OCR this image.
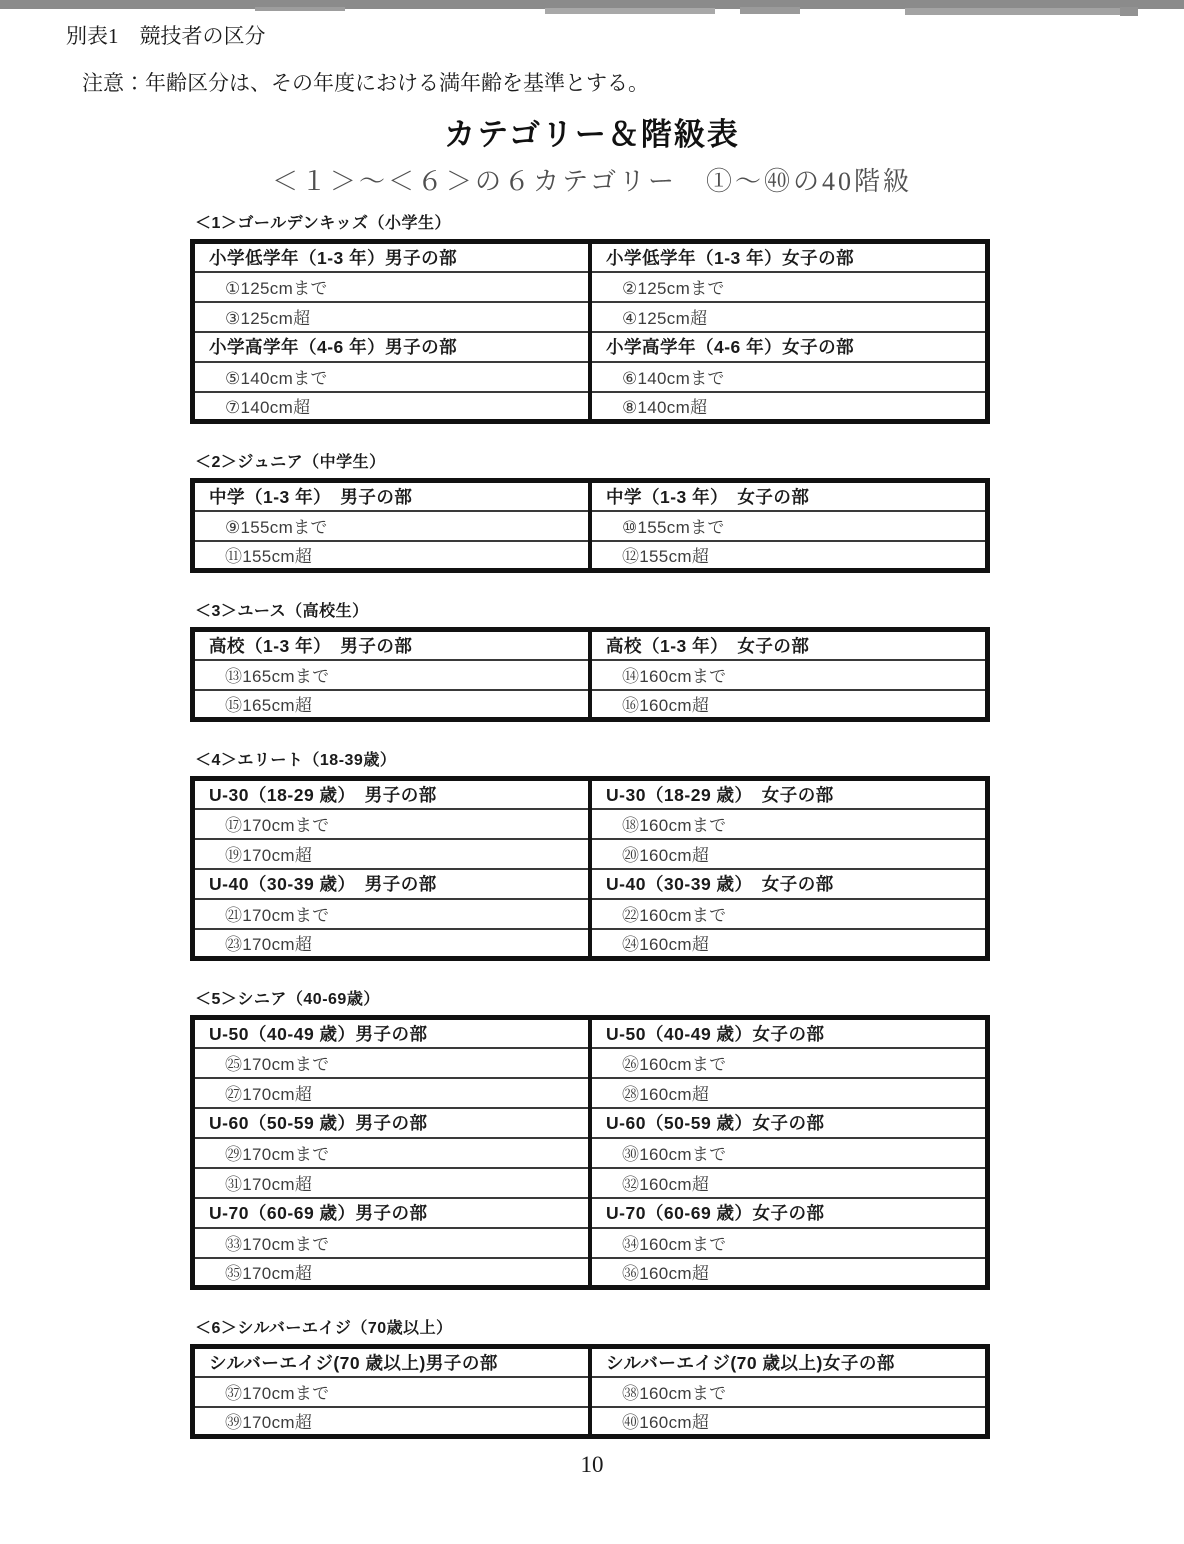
別表1　競技者の区分
注意：年齢区分は、その年度における満年齢を基準とする。
カテゴリー＆階級表
＜１＞～＜６＞の６カテゴリー　①～㊵の40階級
＜1＞ゴールデンキッズ（小学生）
小学低学年（1-3 年）男子の部	小学低学年（1-3 年）女子の部
①125cmまで	②125cmまで
③125cm超	④125cm超
小学高学年（4-6 年）男子の部	小学高学年（4-6 年）女子の部
⑤140cmまで	⑥140cmまで
⑦140cm超	⑧140cm超
＜2＞ジュニア（中学生）
中学（1-3 年）　男子の部	中学（1-3 年）　女子の部
⑨155cmまで	⑩155cmまで
⑪155cm超	⑫155cm超
＜3＞ユース（高校生）
高校（1-3 年）　男子の部	高校（1-3 年）　女子の部
⑬165cmまで	⑭160cmまで
⑮165cm超	⑯160cm超
＜4＞エリート（18-39歳）
U-30（18-29 歳）　男子の部	U-30（18-29 歳）　女子の部
⑰170cmまで	⑱160cmまで
⑲170cm超	⑳160cm超
U-40（30-39 歳）　男子の部	U-40（30-39 歳）　女子の部
㉑170cmまで	㉒160cmまで
㉓170cm超	㉔160cm超
＜5＞シニア（40-69歳）
U-50（40-49 歳）男子の部	U-50（40-49 歳）女子の部
㉕170cmまで	㉖160cmまで
㉗170cm超	㉘160cm超
U-60（50-59 歳）男子の部	U-60（50-59 歳）女子の部
㉙170cmまで	㉚160cmまで
㉛170cm超	㉜160cm超
U-70（60-69 歳）男子の部	U-70（60-69 歳）女子の部
㉝170cmまで	㉞160cmまで
㉟170cm超	㊱160cm超
＜6＞シルバーエイジ（70歳以上）
シルバーエイジ(70 歳以上)男子の部	シルバーエイジ(70 歳以上)女子の部
㊲170cmまで	㊳160cmまで
㊴170cm超	㊵160cm超
10
